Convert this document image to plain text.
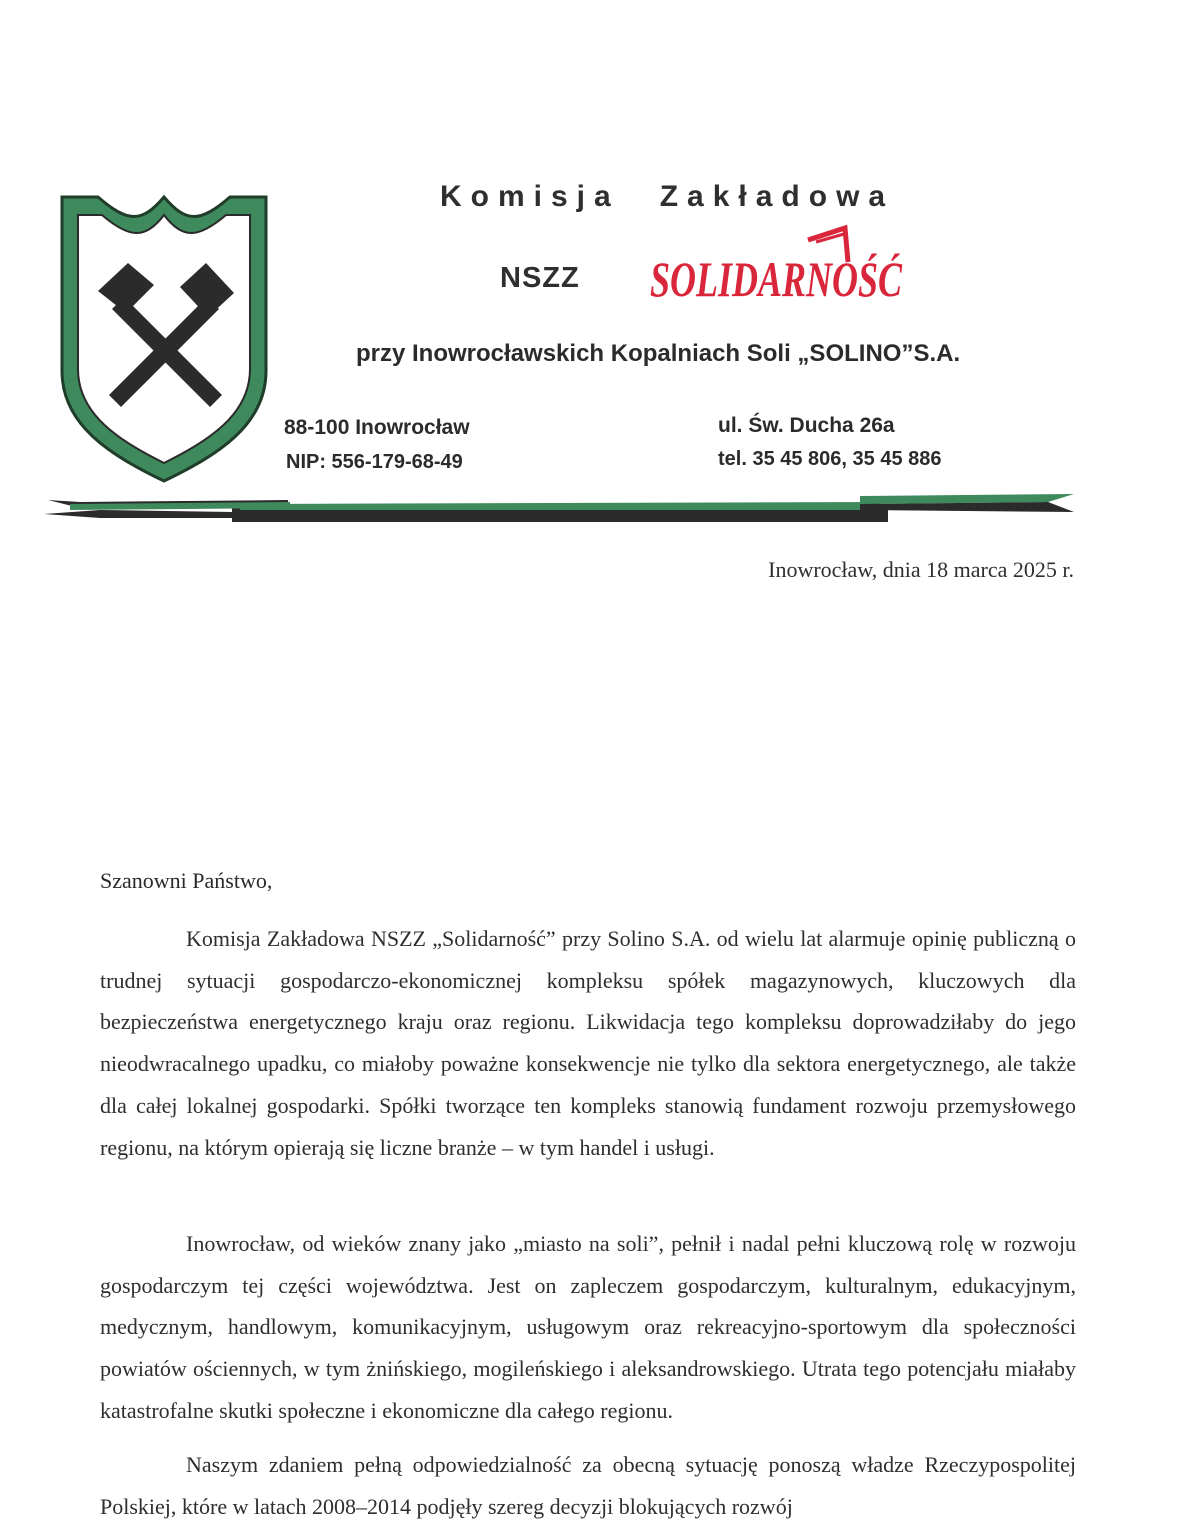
Komisja Zakładowa
NSZZ SOLIDARNOŚĆ
przy Inowrocławskich Kopalniach Soli „SOLINO”S.A.
88-100 Inowrocław
NIP: 556-179-68-49
ul. Św. Ducha 26a
tel. 35 45 806, 35 45 886
Inowrocław, dnia 18 marca 2025 r.
Szanowni Państwo,

Komisja Zakładowa NSZZ „Solidarność” przy Solino S.A. od wielu lat alarmuje opinię publiczną o trudnej sytuacji gospodarczo-ekonomicznej kompleksu spółek magazynowych, kluczowych dla bezpieczeństwa energetycznego kraju oraz regionu. Likwidacja tego kompleksu doprowadziłaby do jego nieodwracalnego upadku, co miałoby poważne konsekwencje nie tylko dla sektora energetycznego, ale także dla całej lokalnej gospodarki. Spółki tworzące ten kompleks stanowią fundament rozwoju przemysłowego regionu, na którym opierają się liczne branże – w tym handel i usługi.

Inowrocław, od wieków znany jako „miasto na soli”, pełnił i nadal pełni kluczową rolę w rozwoju gospodarczym tej części województwa. Jest on zapleczem gospodarczym, kulturalnym, edukacyjnym, medycznym, handlowym, komunikacyjnym, usługowym oraz rekreacyjno-sportowym dla społeczności powiatów ościennych, w tym żnińskiego, mogileńskiego i aleksandrowskiego. Utrata tego potencjału miałaby katastrofalne skutki społeczne i ekonomiczne dla całego regionu.

Naszym zdaniem pełną odpowiedzialność za obecną sytuację ponoszą władze Rzeczypospolitej Polskiej, które w latach 2008–2014 podjęły szereg decyzji blokujących rozwój
